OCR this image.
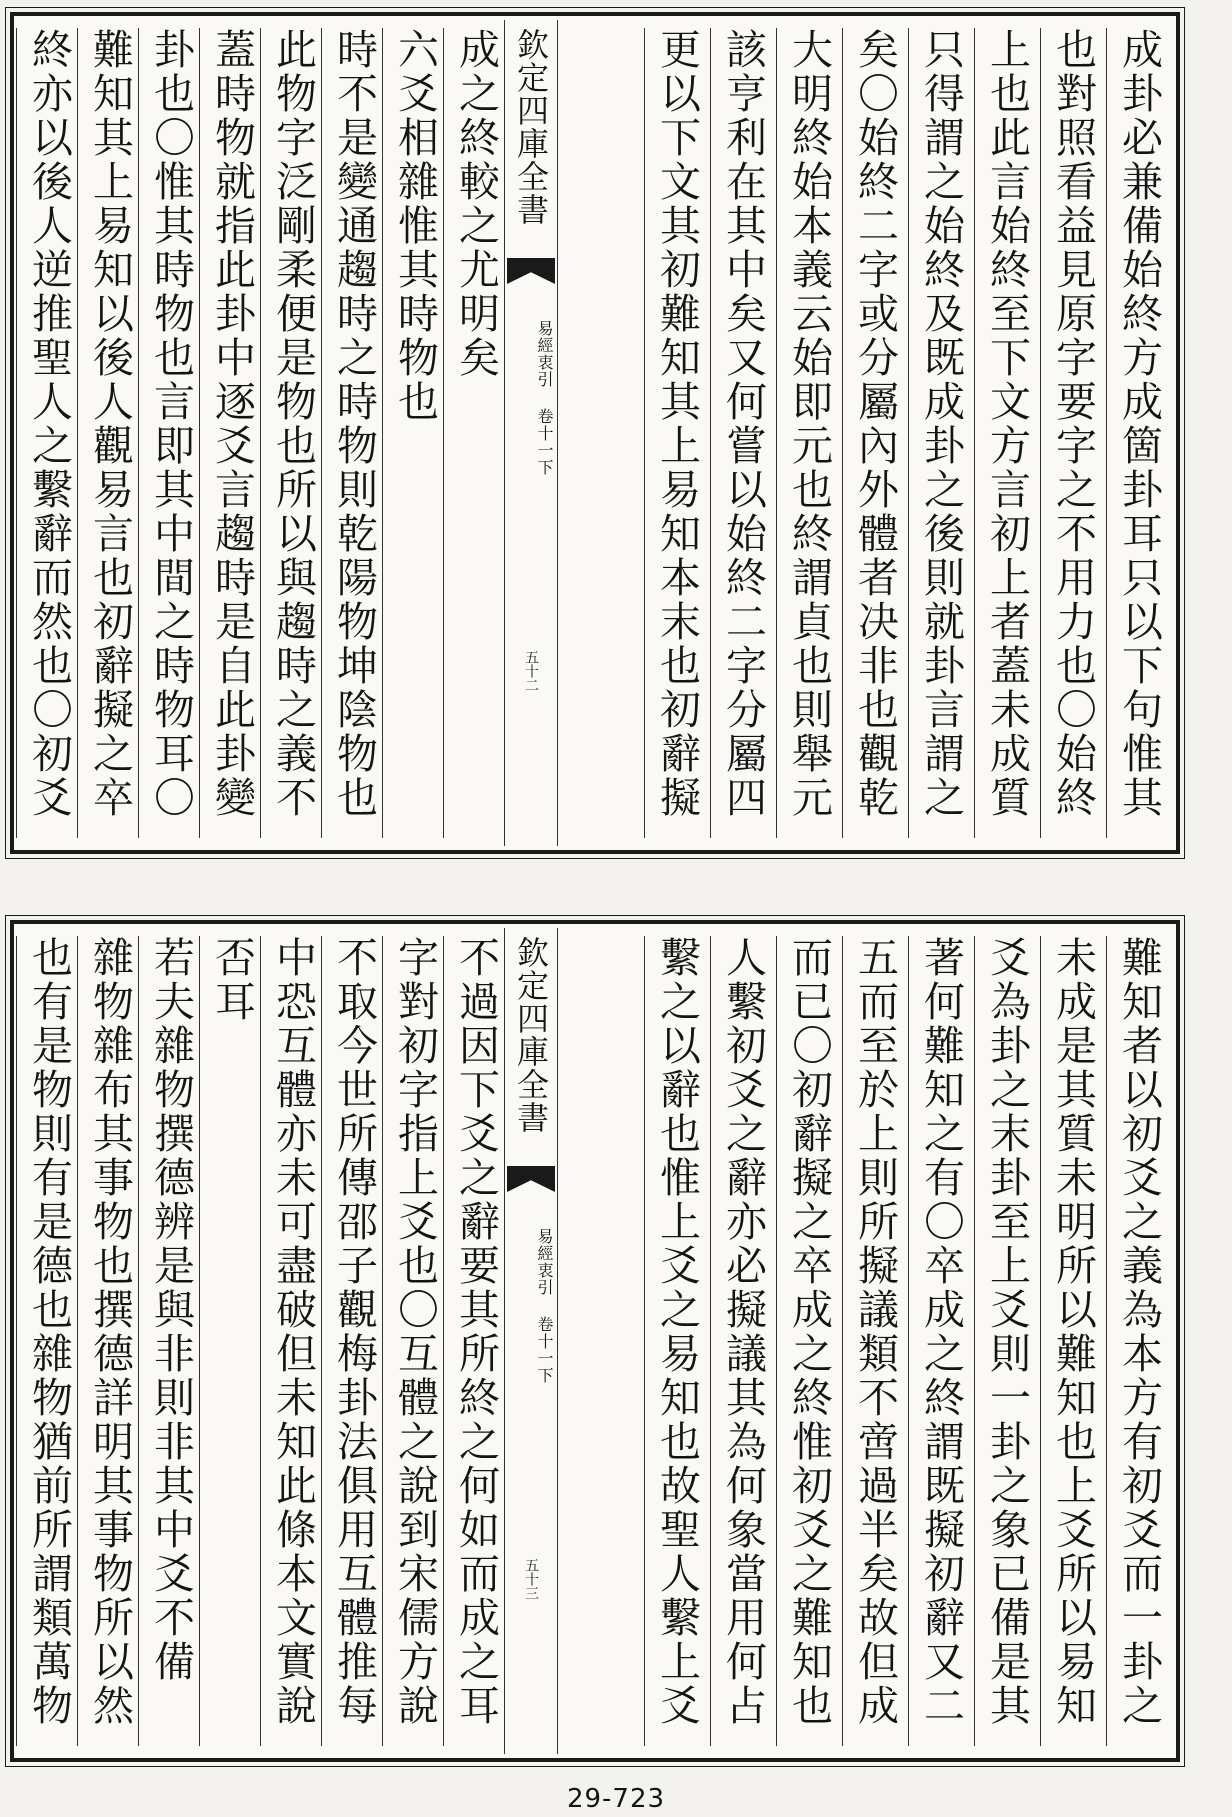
欽定四庫全書
易經衷引 卷十一下
五十二
成卦必兼備始終方成箇卦耳只以下句惟其
也對照看益見原字要字之不用力也〇始終
上也此言始終至下文方言初上者蓋未成質
只得謂之始終及既成卦之後則就卦言謂之
矣〇始終二字或分屬內外體者决非也觀乾
大明終始本義云始即元也終謂貞也則舉元
該亨利在其中矣又何嘗以始終二字分屬四
更以下文其初難知其上易知本末也初辭擬
成之終較之尤明矣
六爻相雜惟其時物也
時不是變通趨時之時物則乾陽物坤陰物也
此物字泛剛柔便是物也所以與趨時之義不
蓋時物就指此卦中逐爻言趨時是自此卦變
卦也〇惟其時物也言即其中間之時物耳〇
難知其上易知以後人觀易言也初辭擬之卒
終亦以後人逆推聖人之繫辭而然也〇初爻
欽定四庫全書
易經衷引 卷十一下
五十三
難知者以初爻之義為本方有初爻而一卦之
未成是其質未明所以難知也上爻所以易知
爻為卦之末卦至上爻則一卦之象已備是其
著何難知之有〇卒成之終謂既擬初辭又二
五而至於上則所擬議類不啻過半矣故但成
而已〇初辭擬之卒成之終惟初爻之難知也
人繫初爻之辭亦必擬議其為何象當用何占
繫之以辭也惟上爻之易知也故聖人繫上爻
不過因下爻之辭要其所終之何如而成之耳
字對初字指上爻也〇互體之說到宋儒方說
不取今世所傳邵子觀梅卦法俱用互體推每
中恐互體亦未可盡破但未知此條本文實說
否耳
若夫雜物撰德辨是與非則非其中爻不備
雜物雜布其事物也撰德詳明其事物所以然
也有是物則有是德也雜物猶前所謂類萬物
29-723
